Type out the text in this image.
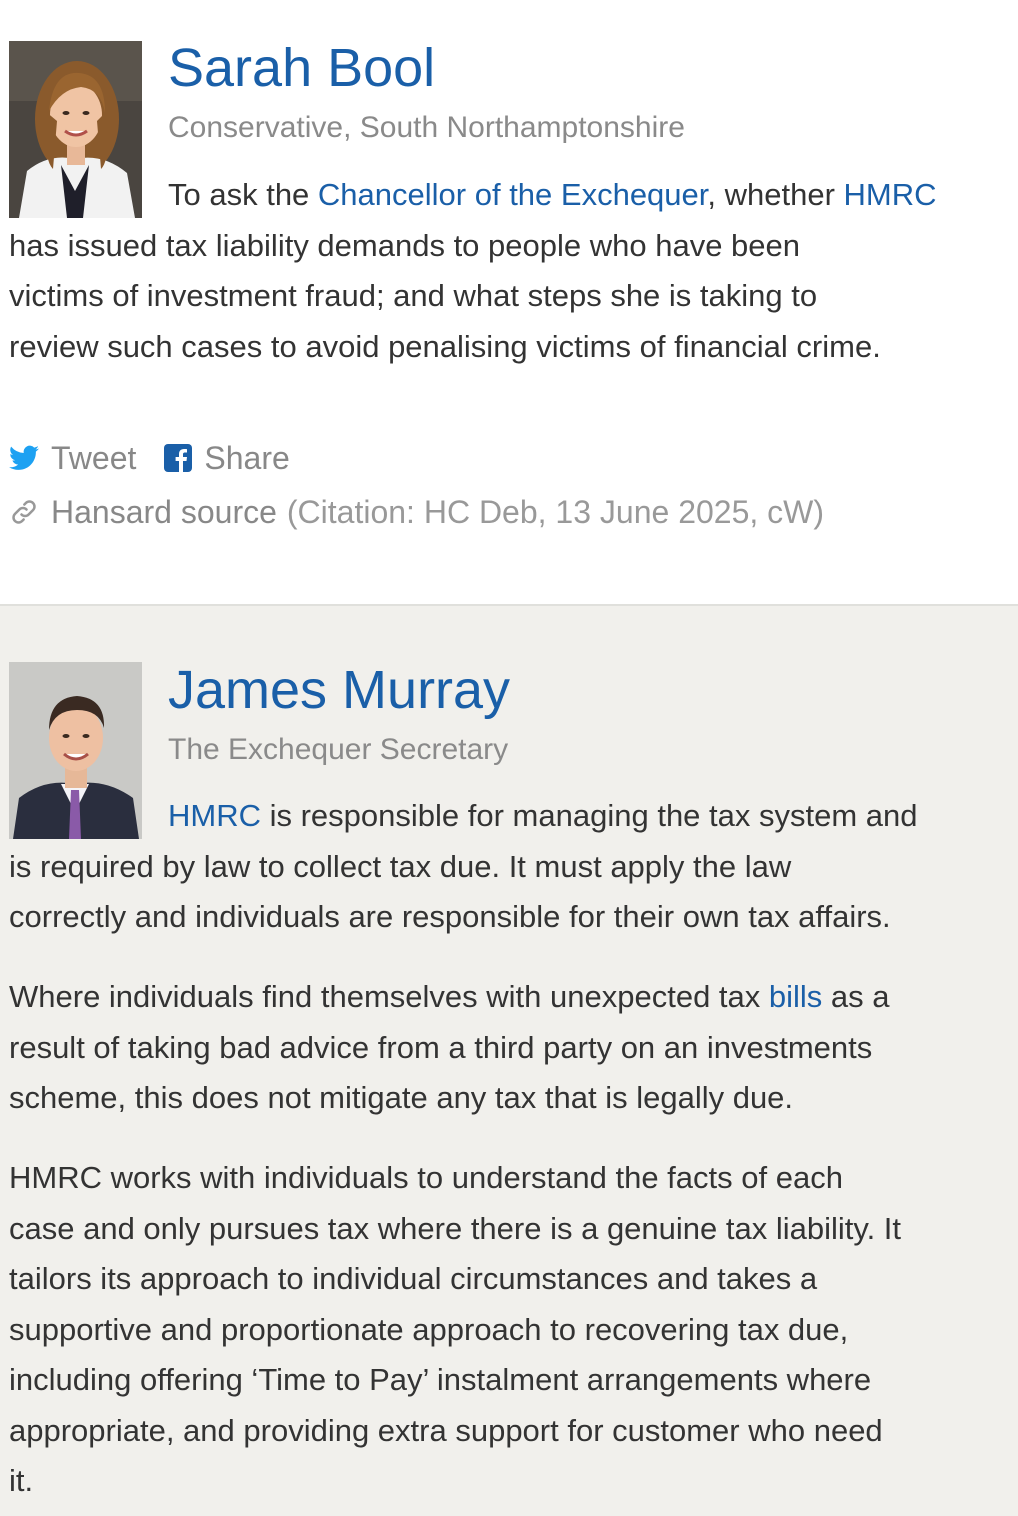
Sarah Bool
Conservative, South Northamptonshire

To ask the Chancellor of the Exchequer, whether HMRC
has issued tax liability demands to people who have been
victims of investment fraud; and what steps she is taking to
review such cases to avoid penalising victims of financial crime.

Tweet Share
Hansard source (Citation: HC Deb, 13 June 2025, cW)
James Murray
The Exchequer Secretary

HMRC is responsible for managing the tax system and
is required by law to collect tax due. It must apply the law
correctly and individuals are responsible for their own tax affairs.

Where individuals find themselves with unexpected tax bills as a
result of taking bad advice from a third party on an investments
scheme, this does not mitigate any tax that is legally due.

HMRC works with individuals to understand the facts of each
case and only pursues tax where there is a genuine tax liability. It
tailors its approach to individual circumstances and takes a
supportive and proportionate approach to recovering tax due,
including offering ‘Time to Pay’ instalment arrangements where
appropriate, and providing extra support for customer who need
it.
